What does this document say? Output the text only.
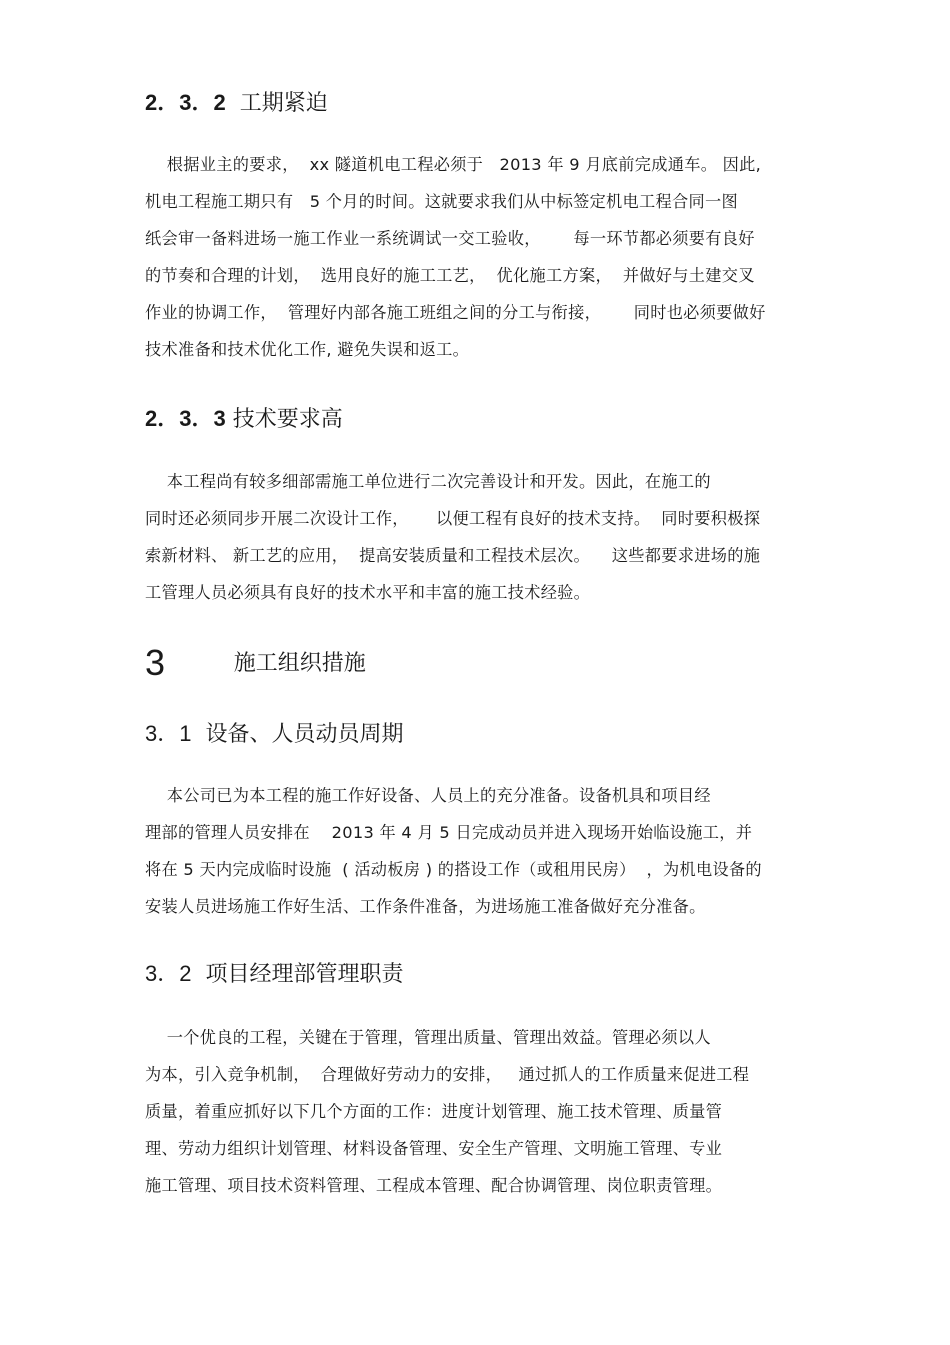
2．3．2 工期紧迫
根据业主的要求，  xx 隧道机电工程必须于   2013 年 9 月底前完成通车。 因此,
机电工程施工期只有   5 个月的时间。这就要求我们从中标签定机电工程合同一图
纸会审一备料进场一施工作业一系统调试一交工验收，      每一环节都必须要有良好
的节奏和合理的计划，  选用良好的施工工艺，  优化施工方案，  并做好与土建交叉
作业的协调工作，  管理好内部各施工班组之间的分工与衔接，      同时也必须要做好
技术准备和技术优化工作, 避免失误和返工。
2．3．3 技术要求高
本工程尚有较多细部需施工单位进行二次完善设计和开发。因此，在施工的
同时还必须同步开展二次设计工作，     以便工程有良好的技术支持。  同时要积极探
索新材料、 新工艺的应用，  提高安装质量和工程技术层次。    这些都要求进场的施
工管理人员必须具有良好的技术水平和丰富的施工技术经验。
3	施工组织措施
3．1 设备、人员动员周期
本公司已为本工程的施工作好设备、人员上的充分准备。设备机具和项目经
理部的管理人员安排在    2013 年 4 月 5 日完成动员并进入现场开始临设施工，并
将在 5 天内完成临时设施  ( 活动板房 ) 的搭设工作（或租用民房）  ，为机电设备的
安装人员进场施工作好生活、工作条件准备，为进场施工准备做好充分准备。
3．2 项目经理部管理职责
一个优良的工程，关键在于管理，管理出质量、管理出效益。管理必须以人
为本，引入竞争机制，  合理做好劳动力的安排，   通过抓人的工作质量来促进工程
质量，着重应抓好以下几个方面的工作：进度计划管理、施工技术管理、质量管
理、劳动力组织计划管理、材料设备管理、安全生产管理、文明施工管理、专业
施工管理、项目技术资料管理、工程成本管理、配合协调管理、岗位职责管理。
